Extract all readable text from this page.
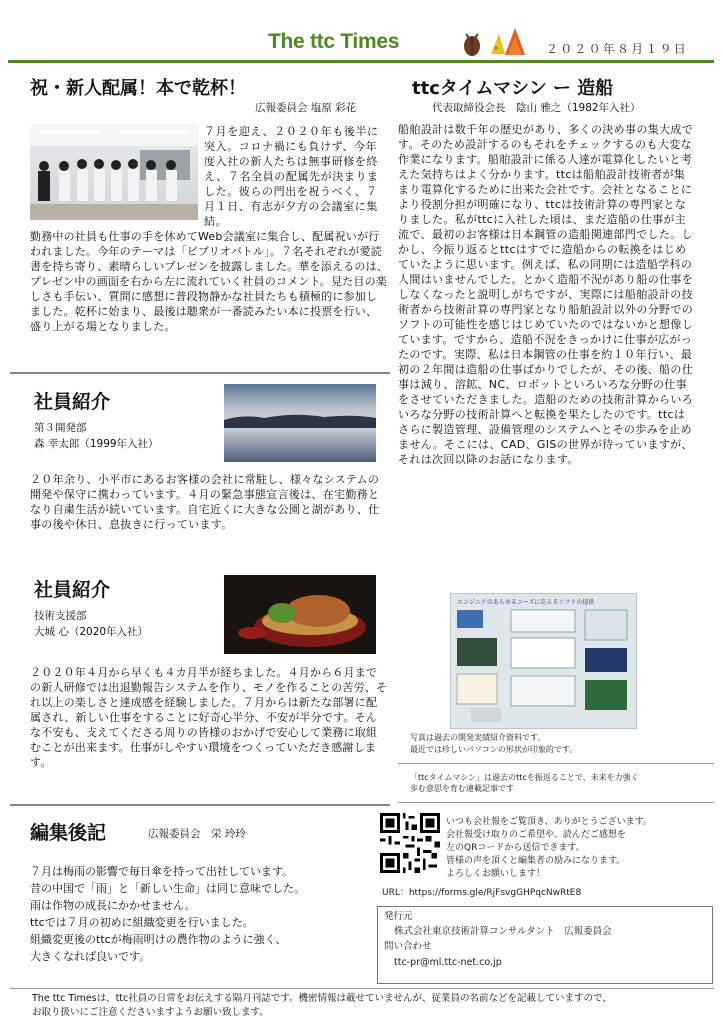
The ttc Times	２０２０年８月１９日
祝・新人配属！本で乾杯！
広報委員会 塩原 彩花
７月を迎え、２０２０年も後半に突入。コロナ禍にも負けず、今年度入社の新人たちは無事研修を終え、７名全員の配属先が決まりました。彼らの門出を祝うべく、７月１日、有志が夕方の会議室に集結。
勤務中の社員も仕事の手を休めてWeb会議室に集合し、配属祝いが行われました。今年のテーマは「ビブリオバトル」。７名それぞれが愛読書を持ち寄り、素晴らしいプレゼンを披露しました。華を添えるのは、プレゼン中の画面を右から左に流れていく社員のコメント。見た目の楽しさも手伝い、質問に感想に普段物静かな社員たちも積極的に参加しました。乾杯に始まり、最後は聴衆が一番読みたい本に投票を行い、盛り上がる場となりました。
社員紹介
第３開発部
森 幸太郎（1999年入社）
２０年余り、小平市にあるお客様の会社に常駐し、様々なシステムの開発や保守に携わっています。４月の緊急事態宣言後は、在宅勤務となり自粛生活が続いています。自宅近くに大きな公園と湖があり、仕事の後や休日、息抜きに行っています。
社員紹介
技術支援部
大城 心（2020年入社）
２０２０年４月から早くも４カ月半が経ちました。４月から６月までの新人研修では出退勤報告システムを作り、モノを作ることの苦労、それ以上の楽しさと達成感を経験しました。７月からは新たな部署に配属され、新しい仕事をすることに好奇心半分、不安が半分です。そんな不安も、支えてくださる周りの皆様のおかげで安心して業務に取組むことが出来ます。仕事がしやすい環境をつくっていただき感謝します。
ttcタイムマシン ー 造船
代表取締役会長　陰山 雅之（1982年入社）
船舶設計は数千年の歴史があり、多くの決め事の集大成です。そのため設計するのもそれをチェックするのも大変な作業になります。船舶設計に係る人達が電算化したいと考えた気持ちはよく分かります。ttcは船舶設計技術者が集まり電算化するために出来た会社です。会社となることにより役割分担が明確になり、ttcは技術計算の専門家となりました。私がttcに入社した頃は、まだ造船の仕事が主流で、最初のお客様は日本鋼管の造船関連部門でした。しかし、今振り返るとttcはすでに造船からの転換をはじめていたように思います。例えば、私の同期には造船学科の人間はいませんでした。とかく造船不況があり船の仕事をしなくなったと説明しがちですが、実際には船舶設計の技術者から技術計算の専門家となり船舶設計以外の分野でのソフトの可能性を感じはじめていたのではないかと想像しています。ですから、造船不況をきっかけに仕事が広がったのです。実際、私は日本鋼管の仕事を約１０年行い、最初の２年間は造船の仕事ばかりでしたが、その後、船の仕事は減り、溶鉱、NC、ロボットといろいろな分野の仕事をさせていただきました。造船のための技術計算からいろいろな分野の技術計算へと転換を果たしたのです。ttcはさらに製造管理、設備管理のシステムへとその歩みを止めません。そこには、CAD、GISの世界が待っていますが、それは次回以降のお話になります。
エンジニアのあらゆるニーズに応えるソフトの提供
写真は過去の開発実績紹介資料です。
最近では珍しいパソコンの形状が印象的です。
「ttcタイムマシン」は過去のttcを振返ることで、未来を力強く
歩む意思を育む連載記事です
編集後記	広報委員会　栄 玲玲
７月は梅雨の影響で毎日傘を持って出社しています。
昔の中国で「雨」と「新しい生命」は同じ意味でした。
雨は作物の成長にかかせません。
ttcでは７月の初めに組織変更を行いました。
組織変更後のttcが梅雨明けの農作物のように強く、
大きくなれば良いです。
いつも会社報をご覧頂き、ありがとうございます。
会社報受け取りのご希望や、読んだご感想を
左のQRコードから送信できます。
皆様の声を頂くと編集者の励みになります。
よろしくお願いします！
URL：https://forms.gle/RjFsvgGHPqcNwRtE8
発行元
株式会社東京技術計算コンサルタント　広報委員会
問い合わせ
ttc-pr@ml.ttc-net.co.jp
The ttc Timesは、ttc社員の日常をお伝えする隔月刊誌です。機密情報は載せていませんが、従業員の名前などを記載していますので、
お取り扱いにご注意くださいますようお願い致します。
